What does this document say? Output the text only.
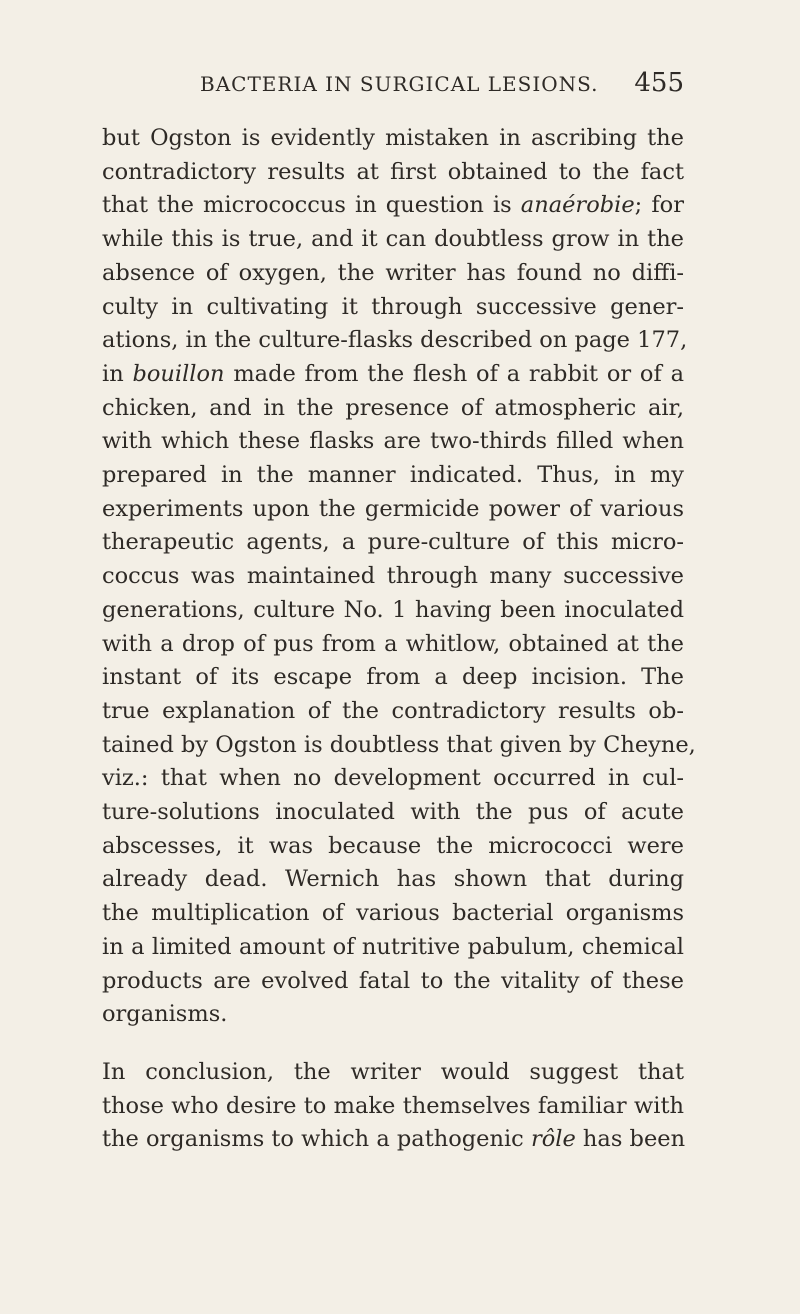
BACTERIA IN SURGICAL LESIONS. 455
but Ogston is evidently mistaken in ascribing the
contradictory results at first obtained to the fact
that the micrococcus in question is anaérobie; for
while this is true, and it can doubtless grow in the
absence of oxygen, the writer has found no diffi-
culty in cultivating it through successive gener-
ations, in the culture-flasks described on page 177,
in bouillon made from the flesh of a rabbit or of a
chicken, and in the presence of atmospheric air,
with which these flasks are two-thirds filled when
prepared in the manner indicated. Thus, in my
experiments upon the germicide power of various
therapeutic agents, a pure-culture of this micro-
coccus was maintained through many successive
generations, culture No. 1 having been inoculated
with a drop of pus from a whitlow, obtained at the
instant of its escape from a deep incision. The
true explanation of the contradictory results ob-
tained by Ogston is doubtless that given by Cheyne,
viz.: that when no development occurred in cul-
ture-solutions inoculated with the pus of acute
abscesses, it was because the micrococci were
already dead. Wernich has shown that during
the multiplication of various bacterial organisms
in a limited amount of nutritive pabulum, chemical
products are evolved fatal to the vitality of these
organisms.
In conclusion, the writer would suggest that
those who desire to make themselves familiar with
the organisms to which a pathogenic rôle has been
